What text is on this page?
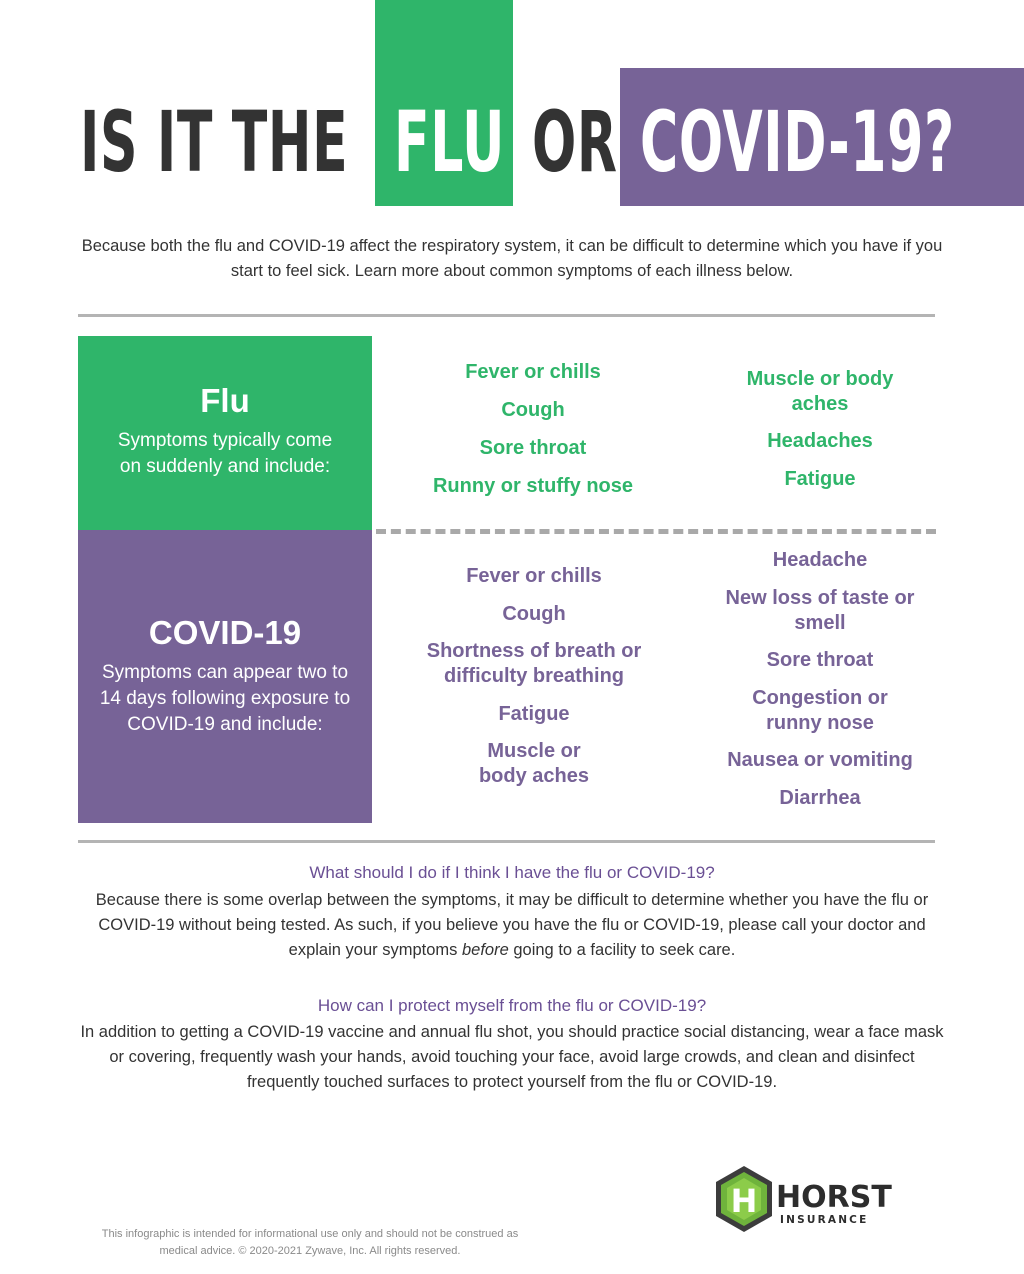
IS IT THE FLU OR COVID-19?
Because both the flu and COVID-19 affect the respiratory system, it can be difficult to determine which you have if you start to feel sick. Learn more about common symptoms of each illness below.
Flu
Symptoms typically come on suddenly and include:
Fever or chills
Cough
Sore throat
Runny or stuffy nose
Muscle or body aches
Headaches
Fatigue
COVID-19
Symptoms can appear two to 14 days following exposure to COVID-19 and include:
Fever or chills
Cough
Shortness of breath or difficulty breathing
Fatigue
Muscle or body aches
Headache
New loss of taste or smell
Sore throat
Congestion or runny nose
Nausea or vomiting
Diarrhea
What should I do if I think I have the flu or COVID-19?
Because there is some overlap between the symptoms, it may be difficult to determine whether you have the flu or COVID-19 without being tested. As such, if you believe you have the flu or COVID-19, please call your doctor and explain your symptoms before going to a facility to seek care.
How can I protect myself from the flu or COVID-19?
In addition to getting a COVID-19 vaccine and annual flu shot, you should practice social distancing, wear a face mask or covering, frequently wash your hands, avoid touching your face, avoid large crowds, and clean and disinfect frequently touched surfaces to protect yourself from the flu or COVID-19.
This infographic is intended for informational use only and should not be construed as medical advice. © 2020-2021 Zywave, Inc. All rights reserved.
H HORST
INSURANCE
